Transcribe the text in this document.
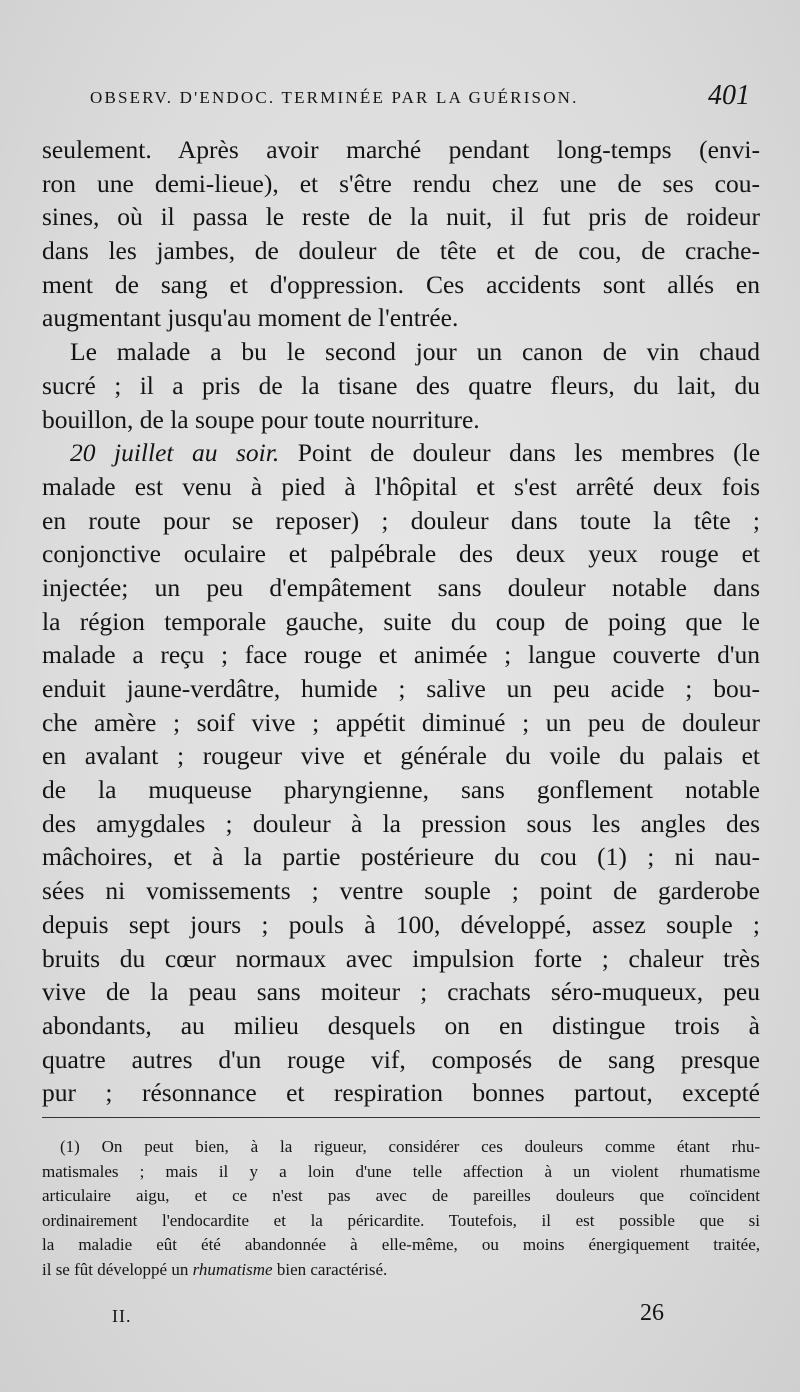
OBSERV. D'ENDOC. TERMINÉE PAR LA GUÉRISON.	401
seulement. Après avoir marché pendant long-temps (envi-
ron une demi-lieue), et s'être rendu chez une de ses cou-
sines, où il passa le reste de la nuit, il fut pris de roideur
dans les jambes, de douleur de tête et de cou, de crache-
ment de sang et d'oppression. Ces accidents sont allés en
augmentant jusqu'au moment de l'entrée.
Le malade a bu le second jour un canon de vin chaud
sucré ; il a pris de la tisane des quatre fleurs, du lait, du
bouillon, de la soupe pour toute nourriture.
20 juillet au soir. Point de douleur dans les membres (le
malade est venu à pied à l'hôpital et s'est arrêté deux fois
en route pour se reposer) ; douleur dans toute la tête ;
conjonctive oculaire et palpébrale des deux yeux rouge et
injectée; un peu d'empâtement sans douleur notable dans
la région temporale gauche, suite du coup de poing que le
malade a reçu ; face rouge et animée ; langue couverte d'un
enduit jaune-verdâtre, humide ; salive un peu acide ; bou-
che amère ; soif vive ; appétit diminué ; un peu de douleur
en avalant ; rougeur vive et générale du voile du palais et
de la muqueuse pharyngienne, sans gonflement notable
des amygdales ; douleur à la pression sous les angles des
mâchoires, et à la partie postérieure du cou (1) ; ni nau-
sées ni vomissements ; ventre souple ; point de garderobe
depuis sept jours ; pouls à 100, développé, assez souple ;
bruits du cœur normaux avec impulsion forte ; chaleur très
vive de la peau sans moiteur ; crachats séro-muqueux, peu
abondants, au milieu desquels on en distingue trois à
quatre autres d'un rouge vif, composés de sang presque
pur ; résonnance et respiration bonnes partout, excepté
(1) On peut bien, à la rigueur, considérer ces douleurs comme étant rhu-
matismales ; mais il y a loin d'une telle affection à un violent rhumatisme
articulaire aigu, et ce n'est pas avec de pareilles douleurs que coïncident
ordinairement l'endocardite et la péricardite. Toutefois, il est possible que si
la maladie eût été abandonnée à elle-même, ou moins énergiquement traitée,
il se fût développé un rhumatisme bien caractérisé.
II.	26
